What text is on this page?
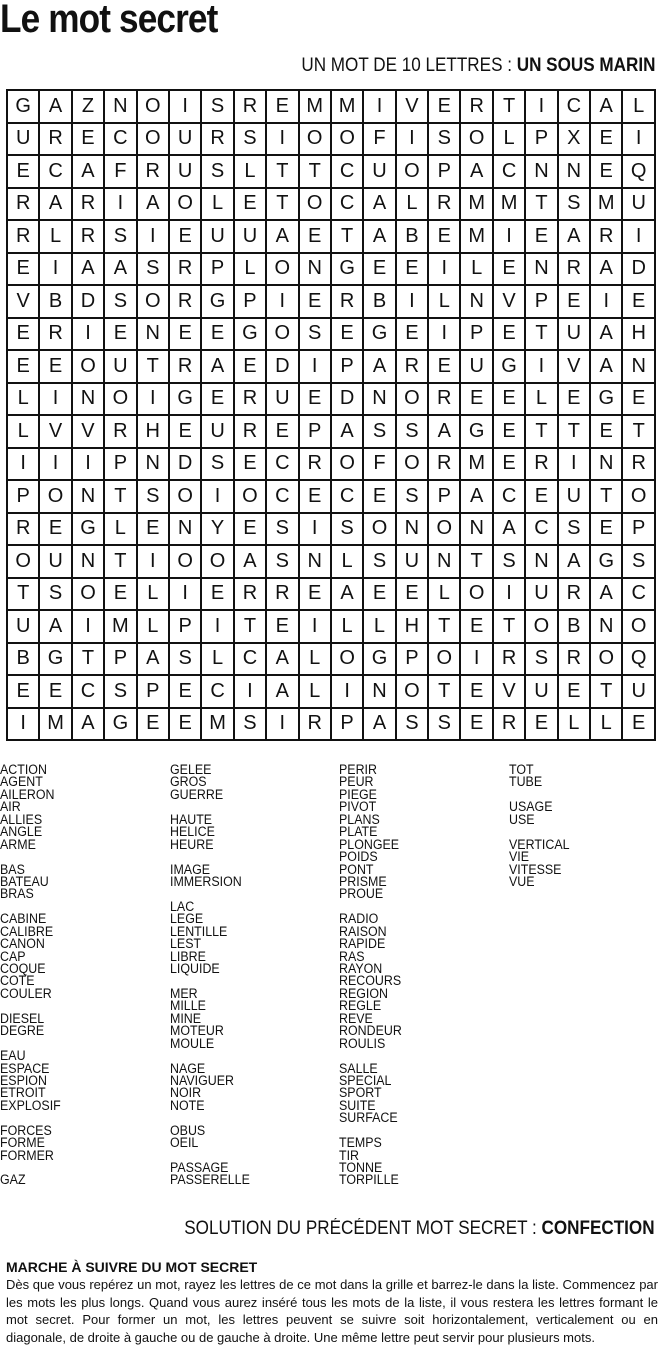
Le mot secret
UN MOT DE 10 LETTRES : UN SOUS MARIN
G	A	Z	N	O	I	S	R	E	M	M	I	V	E	R	T	I	C	A	L
U	R	E	C	O	U	R	S	I	O	O	F	I	S	O	L	P	X	E	I
E	C	A	F	R	U	S	L	T	T	C	U	O	P	A	C	N	N	E	Q
R	A	R	I	A	O	L	E	T	O	C	A	L	R	M	M	T	S	M	U
R	L	R	S	I	E	U	U	A	E	T	A	B	E	M	I	E	A	R	I
E	I	A	A	S	R	P	L	O	N	G	E	E	I	L	E	N	R	A	D
V	B	D	S	O	R	G	P	I	E	R	B	I	L	N	V	P	E	I	E
E	R	I	E	N	E	E	G	O	S	E	G	E	I	P	E	T	U	A	H
E	E	O	U	T	R	A	E	D	I	P	A	R	E	U	G	I	V	A	N
L	I	N	O	I	G	E	R	U	E	D	N	O	R	E	E	L	E	G	E
L	V	V	R	H	E	U	R	E	P	A	S	S	A	G	E	T	T	E	T
I	I	I	P	N	D	S	E	C	R	O	F	O	R	M	E	R	I	N	R
P	O	N	T	S	O	I	O	C	E	C	E	S	P	A	C	E	U	T	O
R	E	G	L	E	N	Y	E	S	I	S	O	N	O	N	A	C	S	E	P
O	U	N	T	I	O	O	A	S	N	L	S	U	N	T	S	N	A	G	S
T	S	O	E	L	I	E	R	R	E	A	E	E	L	O	I	U	R	A	C
U	A	I	M	L	P	I	T	E	I	L	L	H	T	E	T	O	B	N	O
B	G	T	P	A	S	L	C	A	L	O	G	P	O	I	R	S	R	O	Q
E	E	C	S	P	E	C	I	A	L	I	N	O	T	E	V	U	E	T	U
I	M	A	G	E	E	M	S	I	R	P	A	S	S	E	R	E	L	L	E
ACTION
AGENT
AILERON
AIR
ALLIES
ANGLE
ARME
BAS
BATEAU
BRAS
CABINE
CALIBRE
CANON
CAP
COQUE
COTE
COULER
DIESEL
DEGRE
EAU
ESPACE
ESPION
ETROIT
EXPLOSIF
FORCES
FORME
FORMER
GAZ
GELEE
GROS
GUERRE
HAUTE
HELICE
HEURE
IMAGE
IMMERSION
LAC
LEGE
LENTILLE
LEST
LIBRE
LIQUIDE
MER
MILLE
MINE
MOTEUR
MOULE
NAGE
NAVIGUER
NOIR
NOTE
OBUS
OEIL
PASSAGE
PASSERELLE
PERIR
PEUR
PIEGE
PIVOT
PLANS
PLATE
PLONGEE
POIDS
PONT
PRISME
PROUE
RADIO
RAISON
RAPIDE
RAS
RAYON
RECOURS
REGION
REGLE
REVE
RONDEUR
ROULIS
SALLE
SPECIAL
SPORT
SUITE
SURFACE
TEMPS
TIR
TONNE
TORPILLE
TOT
TUBE
USAGE
USE
VERTICAL
VIE
VITESSE
VUE
SOLUTION DU PRÉCÉDENT MOT SECRET : CONFECTION
MARCHE À SUIVRE DU MOT SECRET
Dès que vous repérez un mot, rayez les lettres de ce mot dans la grille et barrez-le dans la liste. Commencez par les mots les plus longs. Quand vous aurez inséré tous les mots de la liste, il vous restera les lettres formant le mot secret. Pour former un mot, les lettres peuvent se suivre soit horizontalement, verticalement ou en diagonale, de droite à gauche ou de gauche à droite. Une même lettre peut servir pour plusieurs mots.
